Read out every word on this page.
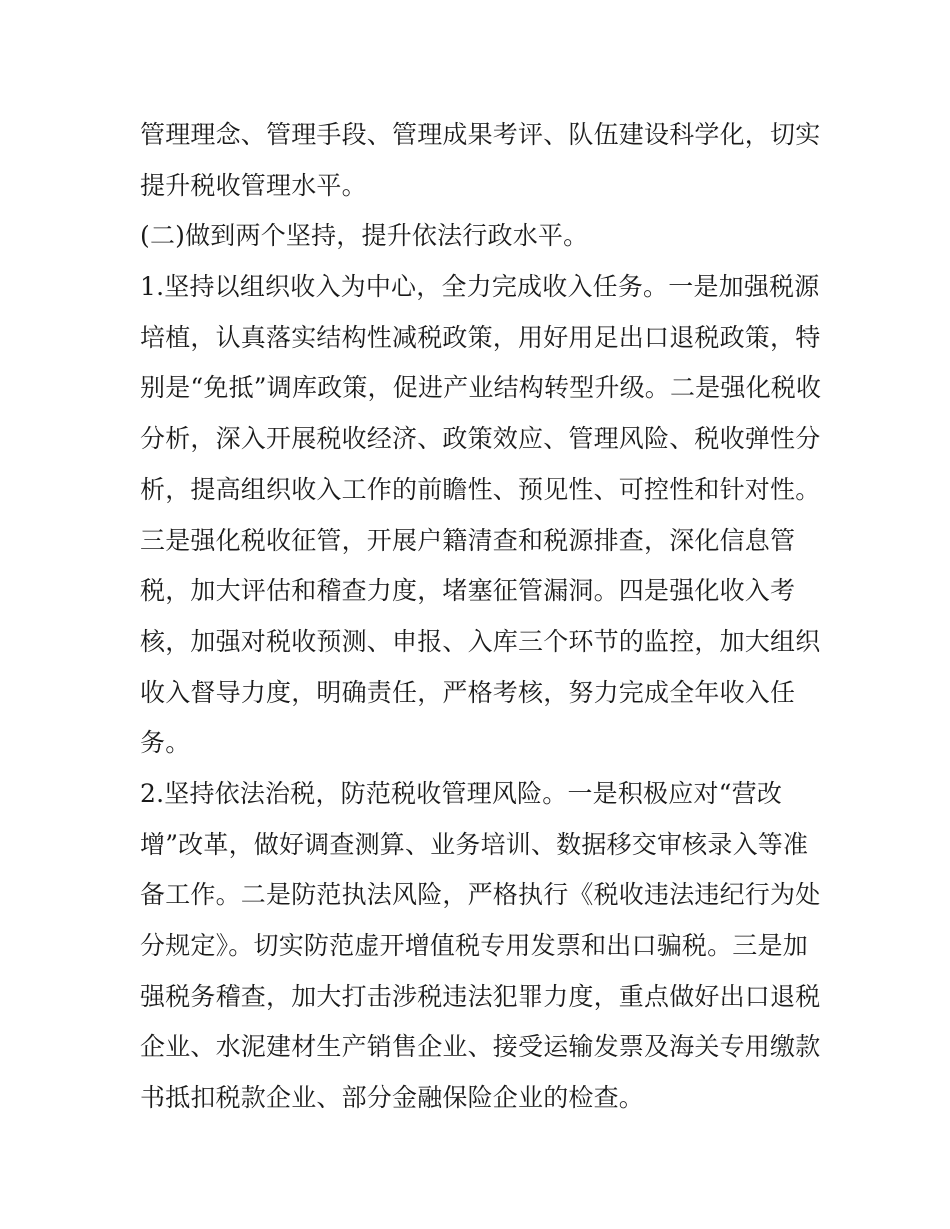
管理理念、管理手段、管理成果考评、队伍建设科学化，切实
提升税收管理水平。
(二)做到两个坚持，提升依法行政水平。
1.坚持以组织收入为中心，全力完成收入任务。一是加强税源
培植，认真落实结构性减税政策，用好用足出口退税政策，特
别是“免抵”调库政策，促进产业结构转型升级。二是强化税收
分析，深入开展税收经济、政策效应、管理风险、税收弹性分
析，提高组织收入工作的前瞻性、预见性、可控性和针对性。
三是强化税收征管，开展户籍清查和税源排查，深化信息管
税，加大评估和稽查力度，堵塞征管漏洞。四是强化收入考
核，加强对税收预测、申报、入库三个环节的监控，加大组织
收入督导力度，明确责任，严格考核，努力完成全年收入任
务。
2.坚持依法治税，防范税收管理风险。一是积极应对“营改
增”改革，做好调查测算、业务培训、数据移交审核录入等准
备工作。二是防范执法风险，严格执行《税收违法违纪行为处
分规定》。切实防范虚开增值税专用发票和出口骗税。三是加
强税务稽查，加大打击涉税违法犯罪力度，重点做好出口退税
企业、水泥建材生产销售企业、接受运输发票及海关专用缴款
书抵扣税款企业、部分金融保险企业的检查。
